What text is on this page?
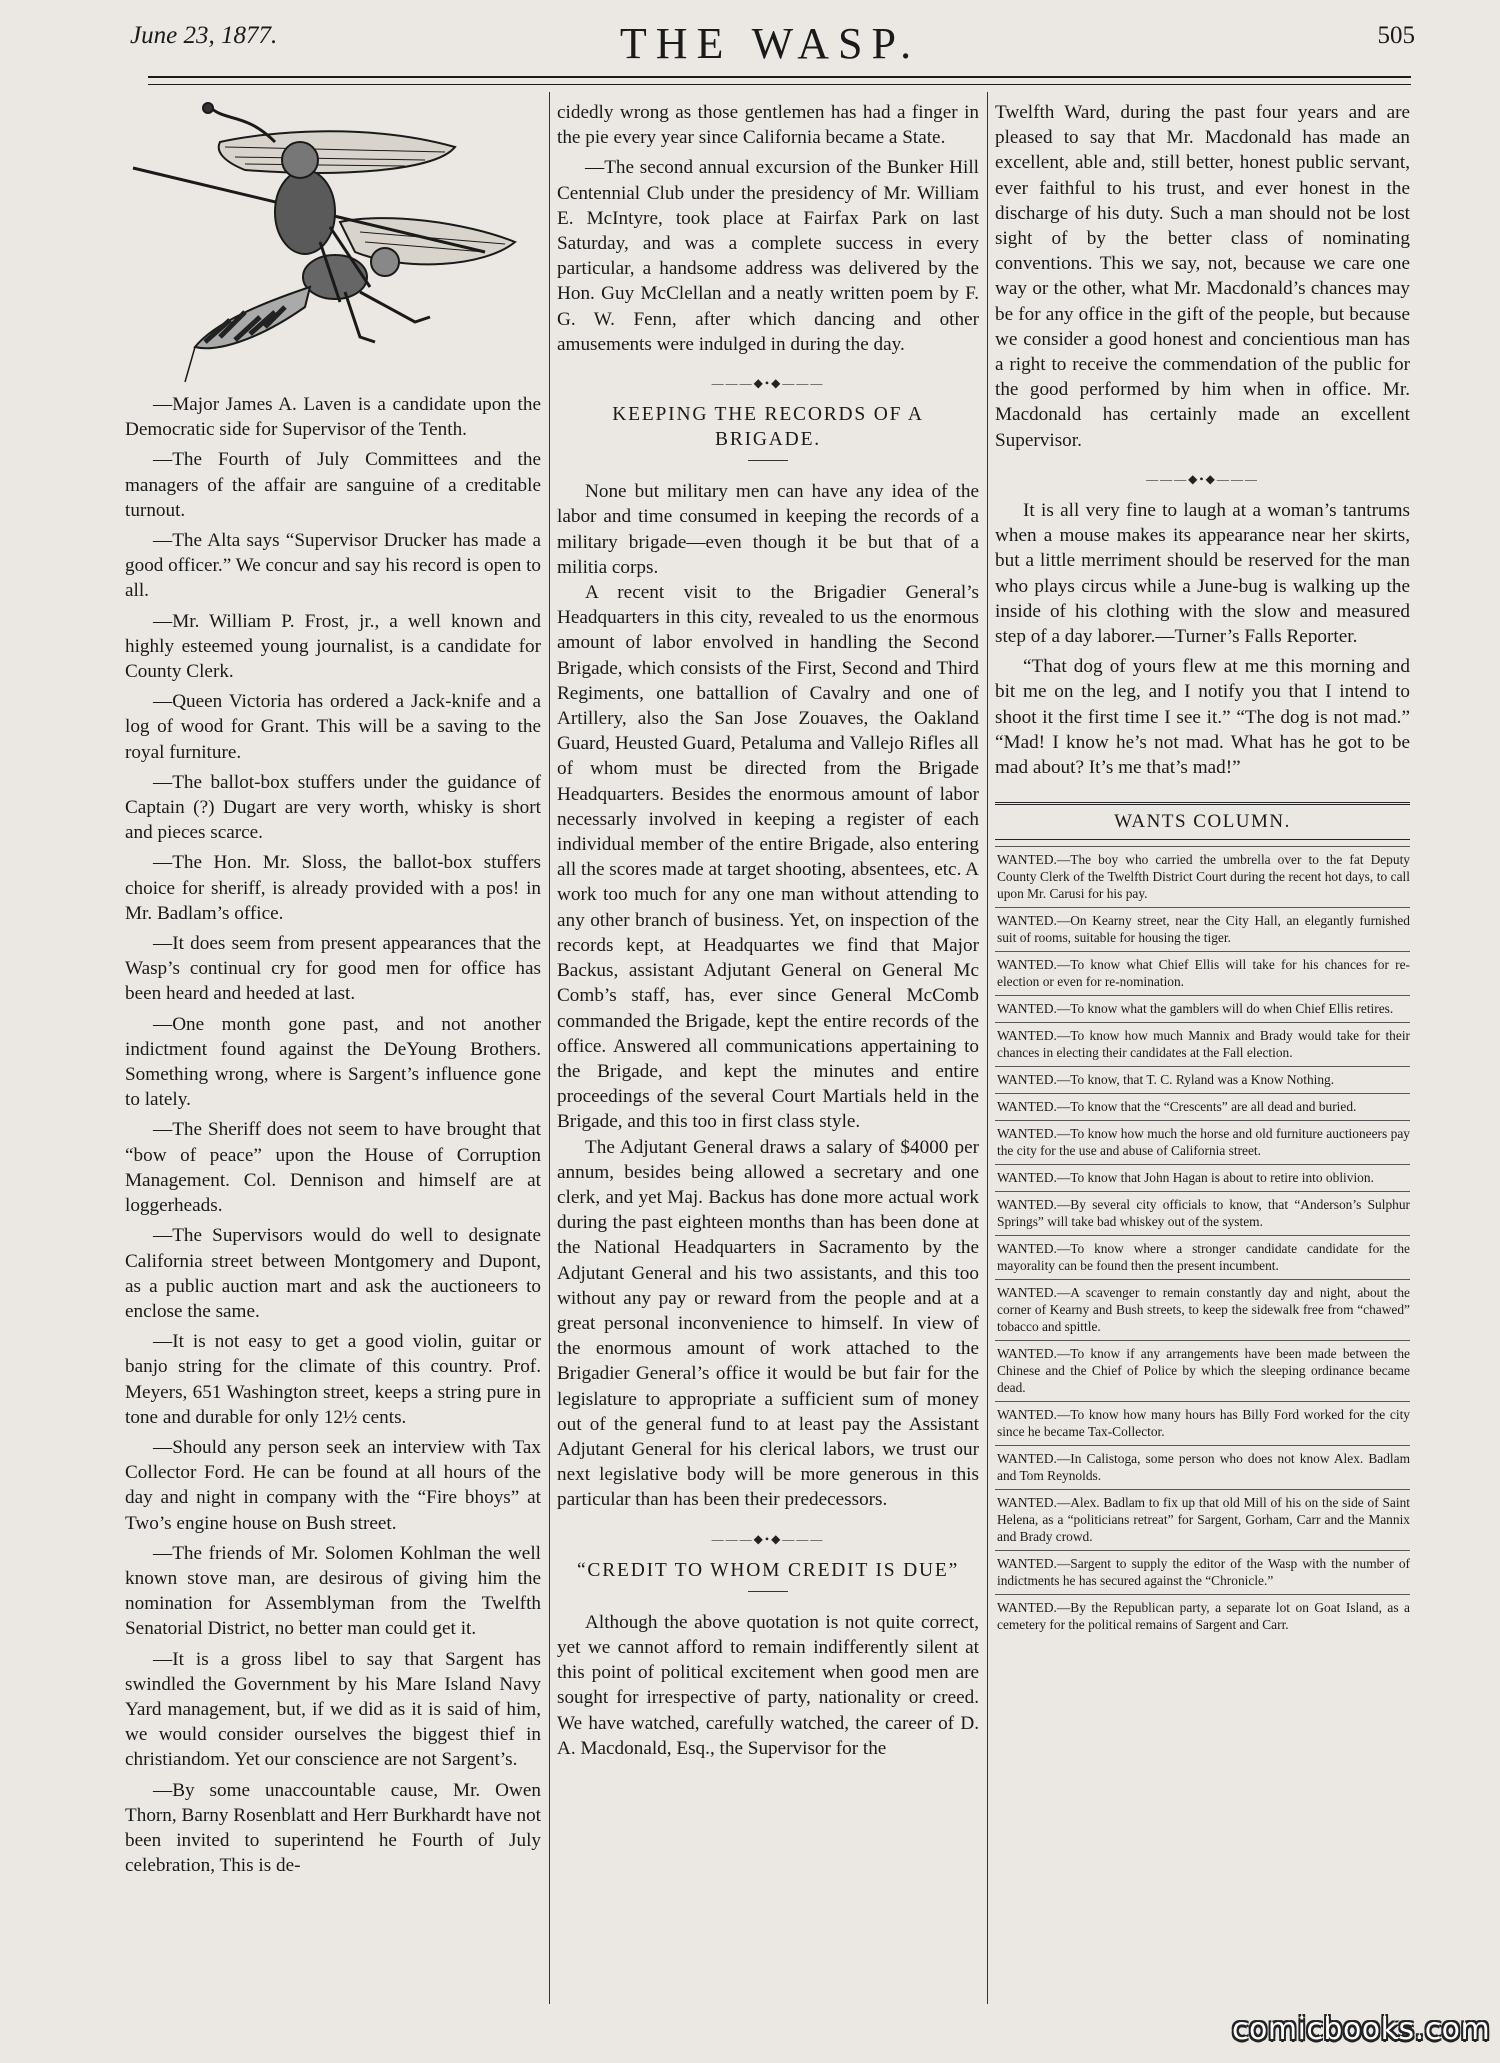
June 23, 1877.	THE WASP.	505

—Major James A. Laven is a candidate upon the Democratic side for Supervisor of the Tenth.

—The Fourth of July Committees and the managers of the affair are sanguine of a creditable turnout.

—The Alta says “Supervisor Drucker has made a good officer.” We concur and say his record is open to all.

—Mr. William P. Frost, jr., a well known and highly esteemed young journalist, is a candidate for County Clerk.

—Queen Victoria has ordered a Jack-knife and a log of wood for Grant. This will be a saving to the royal furniture.

—The ballot-box stuffers under the guidance of Captain (?) Dugart are very worth, whisky is short and pieces scarce.

—The Hon. Mr. Sloss, the ballot-box stuffers choice for sheriff, is already provided with a pos! in Mr. Badlam’s office.

—It does seem from present appearances that the Wasp’s continual cry for good men for office has been heard and heeded at last.

—One month gone past, and not another indictment found against the DeYoung Brothers. Something wrong, where is Sargent’s influence gone to lately.

—The Sheriff does not seem to have brought that “bow of peace” upon the House of Corruption Management. Col. Dennison and himself are at loggerheads.

—The Supervisors would do well to designate California street between Montgomery and Dupont, as a public auction mart and ask the auctioneers to enclose the same.

—It is not easy to get a good violin, guitar or banjo string for the climate of this country. Prof. Meyers, 651 Washington street, keeps a string pure in tone and durable for only 12½ cents.

—Should any person seek an interview with Tax Collector Ford. He can be found at all hours of the day and night in company with the “Fire bhoys” at Two’s engine house on Bush street.

—The friends of Mr. Solomen Kohlman the well known stove man, are desirous of giving him the nomination for Assemblyman from the Twelfth Senatorial District, no better man could get it.

—It is a gross libel to say that Sargent has swindled the Government by his Mare Island Navy Yard management, but, if we did as it is said of him, we would consider ourselves the biggest thief in christiandom. Yet our conscience are not Sargent’s.

—By some unaccountable cause, Mr. Owen Thorn, Barny Rosenblatt and Herr Burkhardt have not been invited to superintend he Fourth of July celebration, This is de-

cidedly wrong as those gentlemen has had a finger in the pie every year since California became a State.

—The second annual excursion of the Bunker Hill Centennial Club under the presidency of Mr. William E. McIntyre, took place at Fairfax Park on last Saturday, and was a complete success in every particular, a handsome address was delivered by the Hon. Guy McClellan and a neatly written poem by F. G. W. Fenn, after which dancing and other amusements were indulged in during the day.

———◆•◆———
KEEPING THE RECORDS OF A BRIGADE.

None but military men can have any idea of the labor and time consumed in keeping the records of a military brigade—even though it be but that of a militia corps.

A recent visit to the Brigadier General’s Headquarters in this city, revealed to us the enormous amount of labor envolved in handling the Second Brigade, which consists of the First, Second and Third Regiments, one battallion of Cavalry and one of Artillery, also the San Jose Zouaves, the Oakland Guard, Heusted Guard, Petaluma and Vallejo Rifles all of whom must be directed from the Brigade Headquarters. Besides the enormous amount of labor necessarly involved in keeping a register of each individual member of the entire Brigade, also entering all the scores made at target shooting, absentees, etc. A work too much for any one man without attending to any other branch of business. Yet, on inspection of the records kept, at Headquartes we find that Major Backus, assistant Adjutant General on General Mc Comb’s staff, has, ever since General McComb commanded the Brigade, kept the entire records of the office. Answered all communications appertaining to the Brigade, and kept the minutes and entire proceedings of the several Court Martials held in the Brigade, and this too in first class style.

The Adjutant General draws a salary of $4000 per annum, besides being allowed a secretary and one clerk, and yet Maj. Backus has done more actual work during the past eighteen months than has been done at the National Headquarters in Sacramento by the Adjutant General and his two assistants, and this too without any pay or reward from the people and at a great personal inconvenience to himself. In view of the enormous amount of work attached to the Brigadier General’s office it would be but fair for the legislature to appropriate a sufficient sum of money out of the general fund to at least pay the Assistant Adjutant General for his clerical labors, we trust our next legislative body will be more generous in this particular than has been their predecessors.

———◆•◆———
“CREDIT TO WHOM CREDIT IS DUE”

Although the above quotation is not quite correct, yet we cannot afford to remain indifferently silent at this point of political excitement when good men are sought for irrespective of party, nationality or creed. We have watched, carefully watched, the career of D. A. Macdonald, Esq., the Supervisor for the

Twelfth Ward, during the past four years and are pleased to say that Mr. Macdonald has made an excellent, able and, still better, honest public servant, ever faithful to his trust, and ever honest in the discharge of his duty. Such a man should not be lost sight of by the better class of nominating conventions. This we say, not, because we care one way or the other, what Mr. Macdonald’s chances may be for any office in the gift of the people, but because we consider a good honest and concientious man has a right to receive the commendation of the public for the good performed by him when in office. Mr. Macdonald has certainly made an excellent Supervisor.

———◆•◆———

It is all very fine to laugh at a woman’s tantrums when a mouse makes its appearance near her skirts, but a little merriment should be reserved for the man who plays circus while a June-bug is walking up the inside of his clothing with the slow and measured step of a day laborer.—Turner’s Falls Reporter.

“That dog of yours flew at me this morning and bit me on the leg, and I notify you that I intend to shoot it the first time I see it.” “The dog is not mad.” “Mad! I know he’s not mad. What has he got to be mad about? It’s me that’s mad!”

WANTS COLUMN.
WANTED.—The boy who carried the umbrella over to the fat Deputy County Clerk of the Twelfth District Court during the recent hot days, to call upon Mr. Carusi for his pay.
WANTED.—On Kearny street, near the City Hall, an elegantly furnished suit of rooms, suitable for housing the tiger.
WANTED.—To know what Chief Ellis will take for his chances for re-election or even for re-nomination.
WANTED.—To know what the gamblers will do when Chief Ellis retires.
WANTED.—To know how much Mannix and Brady would take for their chances in electing their candidates at the Fall election.
WANTED.—To know, that T. C. Ryland was a Know Nothing.
WANTED.—To know that the “Crescents” are all dead and buried.
WANTED.—To know how much the horse and old furniture auctioneers pay the city for the use and abuse of California street.
WANTED.—To know that John Hagan is about to retire into oblivion.
WANTED.—By several city officials to know, that “Anderson’s Sulphur Springs” will take bad whiskey out of the system.
WANTED.—To know where a stronger candidate candidate for the mayorality can be found then the present incumbent.
WANTED.—A scavenger to remain constantly day and night, about the corner of Kearny and Bush streets, to keep the sidewalk free from “chawed” tobacco and spittle.
WANTED.—To know if any arrangements have been made between the Chinese and the Chief of Police by which the sleeping ordinance became dead.
WANTED.—To know how many hours has Billy Ford worked for the city since he became Tax-Collector.
WANTED.—In Calistoga, some person who does not know Alex. Badlam and Tom Reynolds.
WANTED.—Alex. Badlam to fix up that old Mill of his on the side of Saint Helena, as a “politicians retreat” for Sargent, Gorham, Carr and the Mannix and Brady crowd.
WANTED.—Sargent to supply the editor of the Wasp with the number of indictments he has secured against the “Chronicle.”
WANTED.—By the Republican party, a separate lot on Goat Island, as a cemetery for the political remains of Sargent and Carr.
comicbooks.com
